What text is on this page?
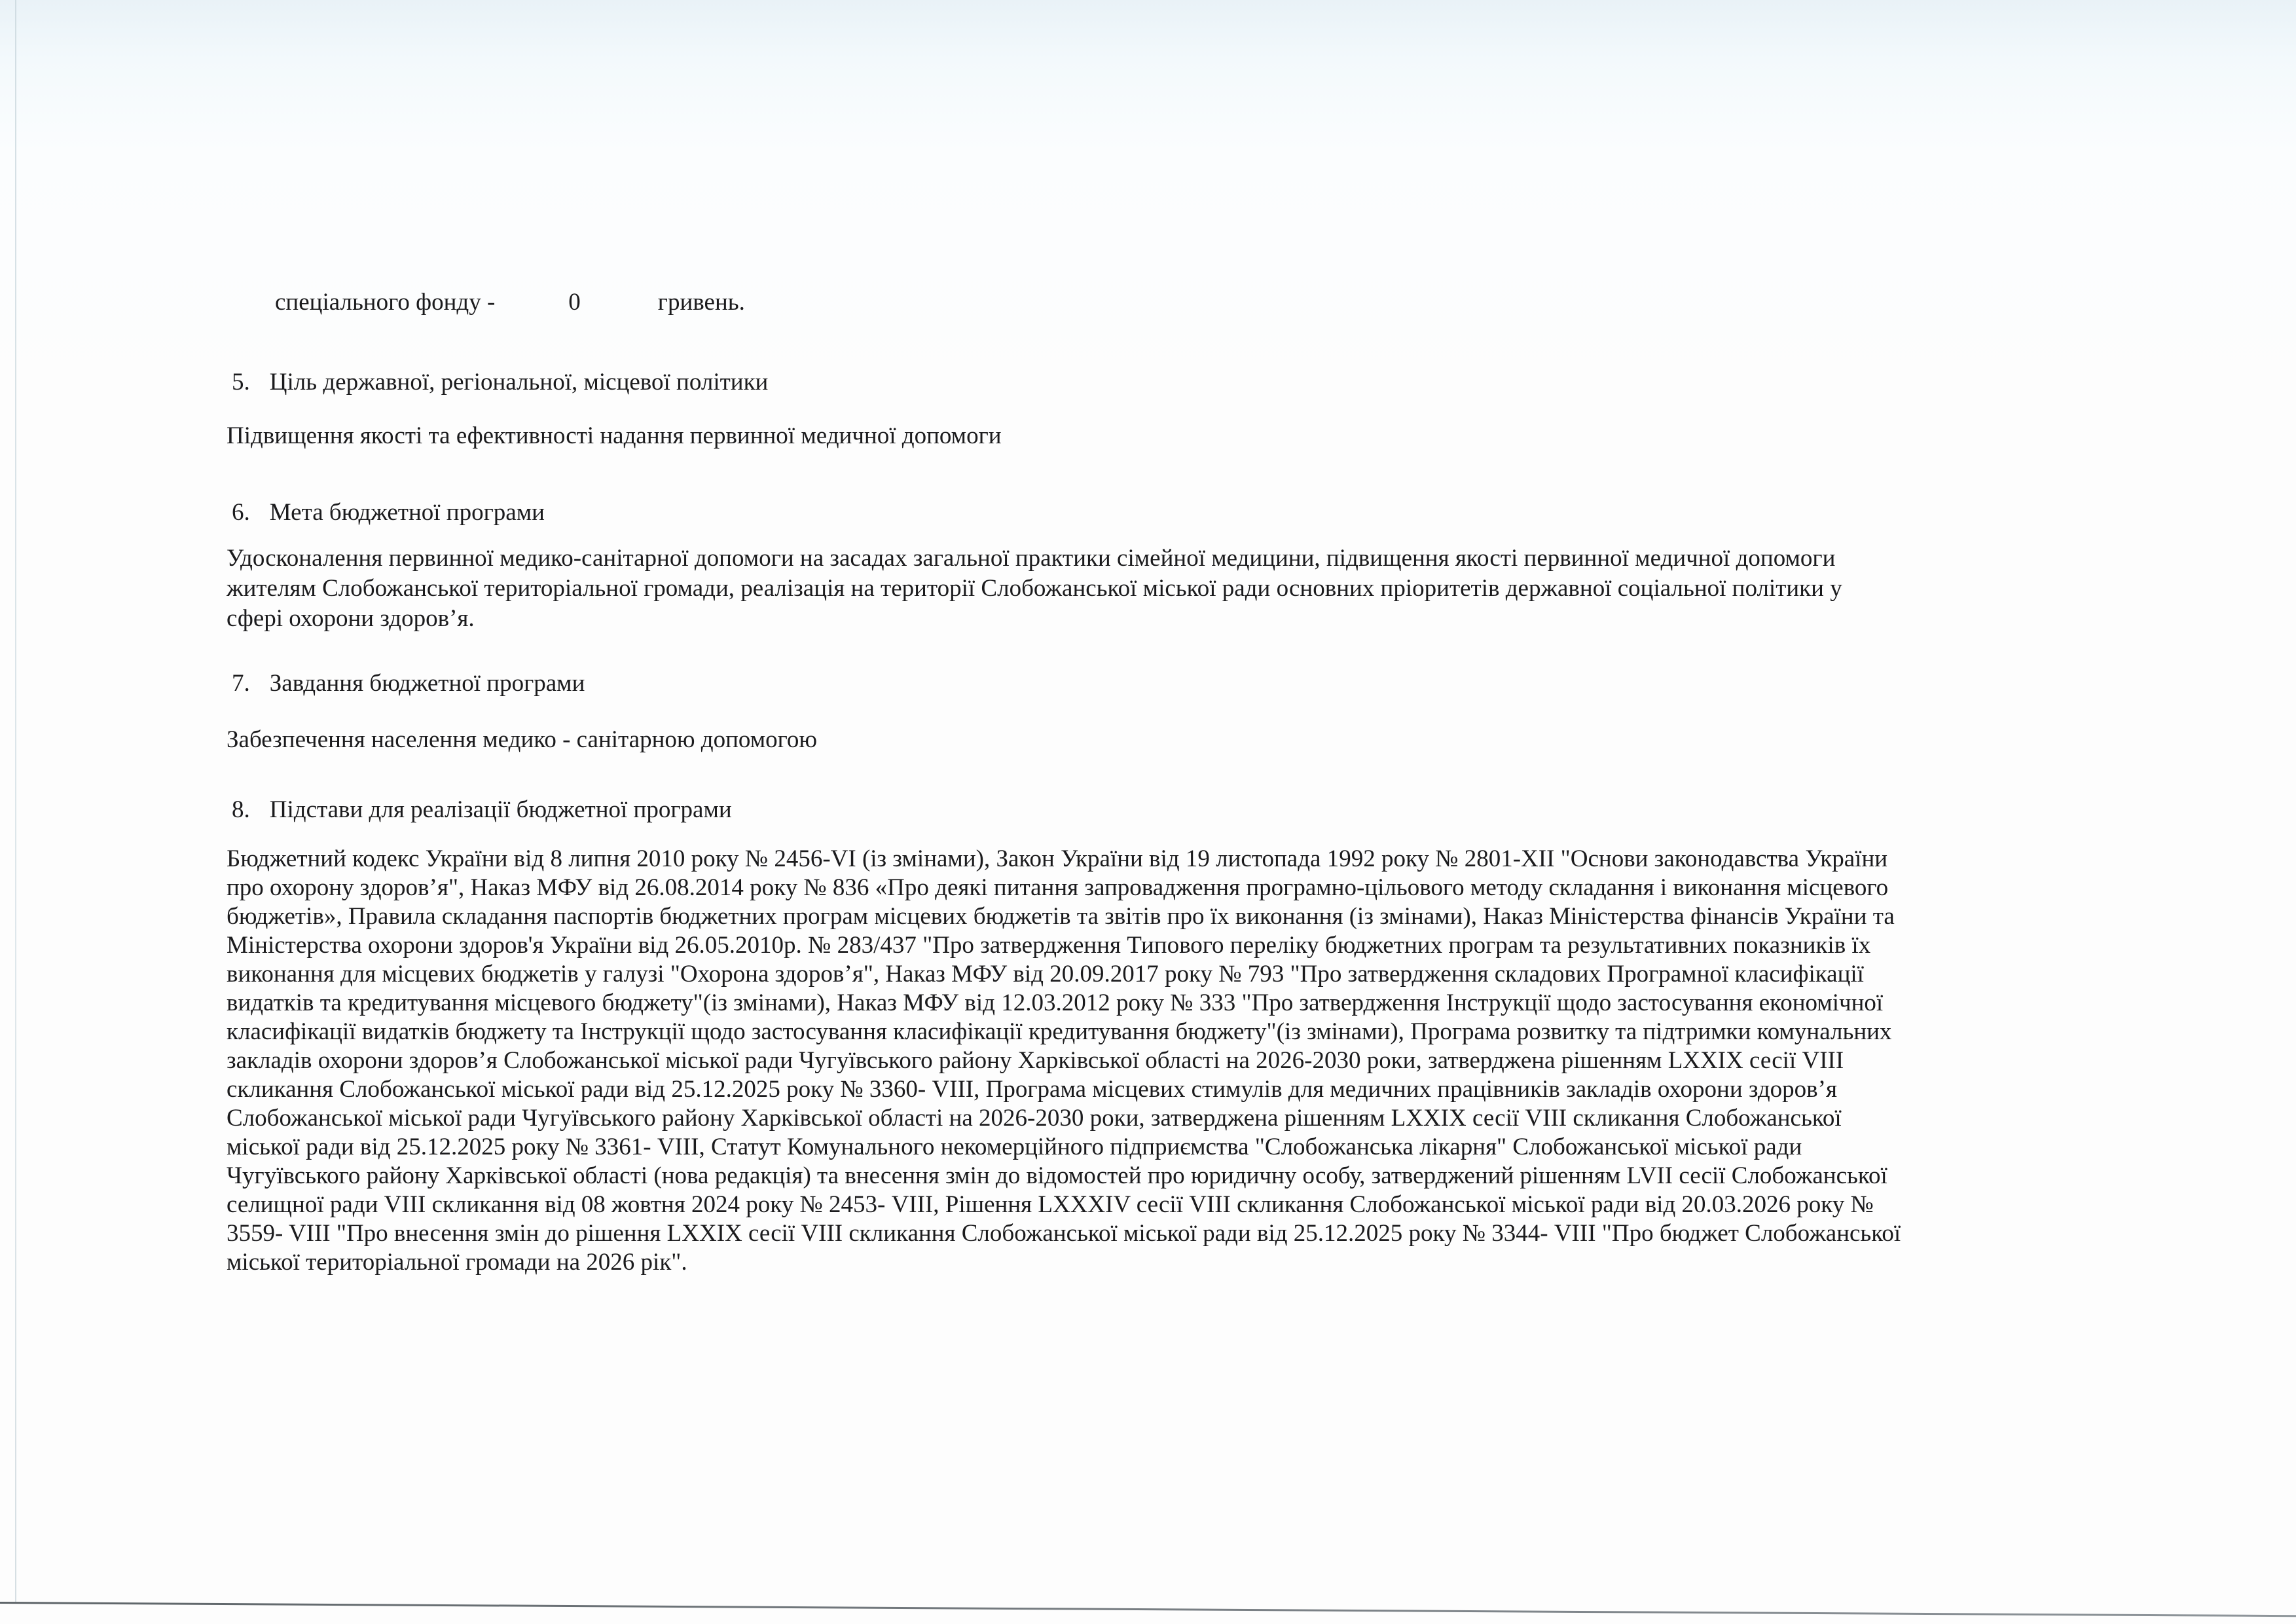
спеціального фонду -	0	гривень.
5. Ціль державної, регіональної, місцевої політики
Підвищення якості та ефективності надання первинної медичної допомоги
6. Мета бюджетної програми
Удосконалення первинної медико-санітарної допомоги на засадах загальної практики сімейної медицини, підвищення якості первинної медичної допомоги
жителям Слобожанської територіальної громади, реалізація на території Слобожанської міської ради основних пріоритетів державної соціальної політики у
сфері охорони здоров’я.
7. Завдання бюджетної програми
Забезпечення населення медико - санітарною допомогою
8. Підстави для реалізації бюджетної програми
Бюджетний кодекс України від 8 липня 2010 року № 2456-VI (із змінами), Закон України від 19 листопада 1992 року № 2801-XII "Основи законодавства України
про охорону здоров’я", Наказ МФУ від 26.08.2014 року № 836 «Про деякі питання запровадження програмно-цільового методу складання і виконання місцевого
бюджетів», Правила складання паспортів бюджетних програм місцевих бюджетів та звітів про їх виконання (із змінами), Наказ Міністерства фінансів України та
Міністерства охорони здоров'я України від 26.05.2010р. № 283/437 "Про затвердження Типового переліку бюджетних програм та результативних показників їх
виконання для місцевих бюджетів у галузі "Охорона здоров’я", Наказ МФУ від 20.09.2017 року № 793 "Про затвердження складових Програмної класифікації
видатків та кредитування місцевого бюджету"(із змінами), Наказ МФУ від 12.03.2012 року № 333 "Про затвердження Інструкції щодо застосування економічної
класифікації видатків бюджету та Інструкції щодо застосування класифікації кредитування бюджету"(із змінами), Програма розвитку та підтримки комунальних
закладів охорони здоров’я Слобожанської міської ради Чугуївського району Харківської області на 2026-2030 роки, затверджена рішенням LXXIX сесії VIII
скликання Слобожанської міської ради від 25.12.2025 року № 3360- VIII, Програма місцевих стимулів для медичних працівників закладів охорони здоров’я
Слобожанської міської ради Чугуївського району Харківської області на 2026-2030 роки, затверджена рішенням LXXIX сесії VIII скликання Слобожанської
міської ради від 25.12.2025 року № 3361- VIII, Статут Комунального некомерційного підприємства "Слобожанська лікарня" Слобожанської міської ради
Чугуївського району Харківської області (нова редакція) та внесення змін до відомостей про юридичну особу, затверджений рішенням LVII сесії Слобожанської
селищної ради VIII скликання від 08 жовтня 2024 року № 2453- VIII, Рішення LXXXIV сесії VIII скликання Слобожанської міської ради від 20.03.2026 року №
3559- VIII "Про внесення змін до рішення LXXIX сесії VIII скликання Слобожанської міської ради від 25.12.2025 року № 3344- VIII "Про бюджет Слобожанської
міської територіальної громади на 2026 рік".
